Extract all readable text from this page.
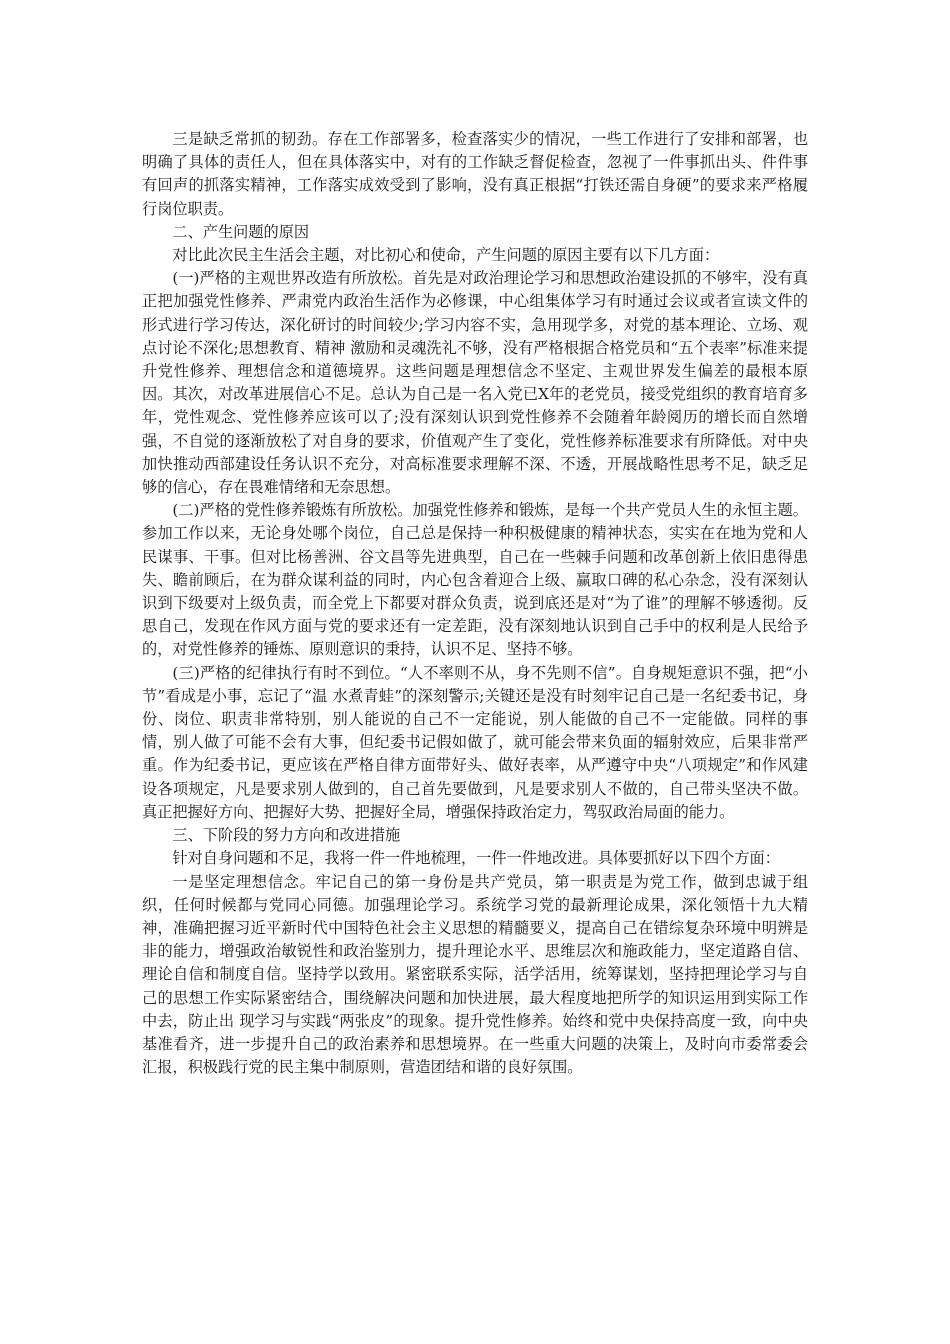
三是缺乏常抓的韧劲。存在工作部署多，检查落实少的情况，一些工作进行了安排和部署，也明确了具体的责任人，但在具体落实中，对有的工作缺乏督促检查，忽视了一件事抓出头、件件事有回声的抓落实精神，工作落实成效受到了影响，没有真正根据“打铁还需自身硬”的要求来严格履行岗位职责。

二、产生问题的原因

对比此次民主生活会主题，对比初心和使命，产生问题的原因主要有以下几方面：

(一)严格的主观世界改造有所放松。首先是对政治理论学习和思想政治建设抓的不够牢，没有真正把加强党性修养、严肃党内政治生活作为必修课，中心组集体学习有时通过会议或者宣读文件的形式进行学习传达，深化研讨的时间较少;学习内容不实，急用现学多，对党的基本理论、立场、观点讨论不深化;思想教育、精神 激励和灵魂洗礼不够，没有严格根据合格党员和“五个表率”标准来提升党性修养、理想信念和道德境界。这些问题是理想信念不坚定、主观世界发生偏差的最根本原因。其次，对改革进展信心不足。总认为自己是一名入党已X年的老党员，接受党组织的教育培育多年，党性观念、党性修养应该可以了;没有深刻认识到党性修养不会随着年龄阅历的增长而自然增强，不自觉的逐渐放松了对自身的要求，价值观产生了变化，党性修养标准要求有所降低。对中央加快推动西部建设任务认识不充分，对高标准要求理解不深、不透，开展战略性思考不足，缺乏足够的信心，存在畏难情绪和无奈思想。

(二)严格的党性修养锻炼有所放松。加强党性修养和锻炼，是每一个共产党员人生的永恒主题。参加工作以来，无论身处哪个岗位，自己总是保持一种积极健康的精神状态，实实在在地为党和人民谋事、干事。但对比杨善洲、谷文昌等先进典型，自己在一些棘手问题和改革创新上依旧患得患失、瞻前顾后，在为群众谋利益的同时，内心包含着迎合上级、赢取口碑的私心杂念，没有深刻认识到下级要对上级负责，而全党上下都要对群众负责，说到底还是对“为了谁”的理解不够透彻。反思自己，发现在作风方面与党的要求还有一定差距，没有深刻地认识到自己手中的权利是人民给予的，对党性修养的锤炼、原则意识的秉持，认识不足、坚持不够。

(三)严格的纪律执行有时不到位。“人不率则不从，身不先则不信”。自身规矩意识不强，把“小节”看成是小事，忘记了“温 水煮青蛙”的深刻警示;关键还是没有时刻牢记自己是一名纪委书记，身份、岗位、职责非常特别，别人能说的自己不一定能说，别人能做的自己不一定能做。同样的事情，别人做了可能不会有大事，但纪委书记假如做了，就可能会带来负面的辐射效应，后果非常严重。作为纪委书记，更应该在严格自律方面带好头、做好表率，从严遵守中央“八项规定”和作风建设各项规定，凡是要求别人做到的，自己首先要做到，凡是要求别人不做的，自己带头坚决不做。真正把握好方向、把握好大势、把握好全局，增强保持政治定力，驾驭政治局面的能力。

三、下阶段的努力方向和改进措施

针对自身问题和不足，我将一件一件地梳理，一件一件地改进。具体要抓好以下四个方面：

一是坚定理想信念。牢记自己的第一身份是共产党员，第一职责是为党工作，做到忠诚于组织，任何时候都与党同心同德。加强理论学习。系统学习党的最新理论成果，深化领悟十九大精神，准确把握习近平新时代中国特色社会主义思想的精髓要义，提高自己在错综复杂环境中明辨是非的能力，增强政治敏锐性和政治鉴别力，提升理论水平、思维层次和施政能力，坚定道路自信、理论自信和制度自信。坚持学以致用。紧密联系实际，活学活用，统筹谋划，坚持把理论学习与自己的思想工作实际紧密结合，围绕解决问题和加快进展，最大程度地把所学的知识运用到实际工作中去，防止出 现学习与实践“两张皮”的现象。提升党性修养。始终和党中央保持高度一致，向中央基准看齐，进一步提升自己的政治素养和思想境界。在一些重大问题的决策上，及时向市委常委会汇报，积极践行党的民主集中制原则，营造团结和谐的良好氛围。
